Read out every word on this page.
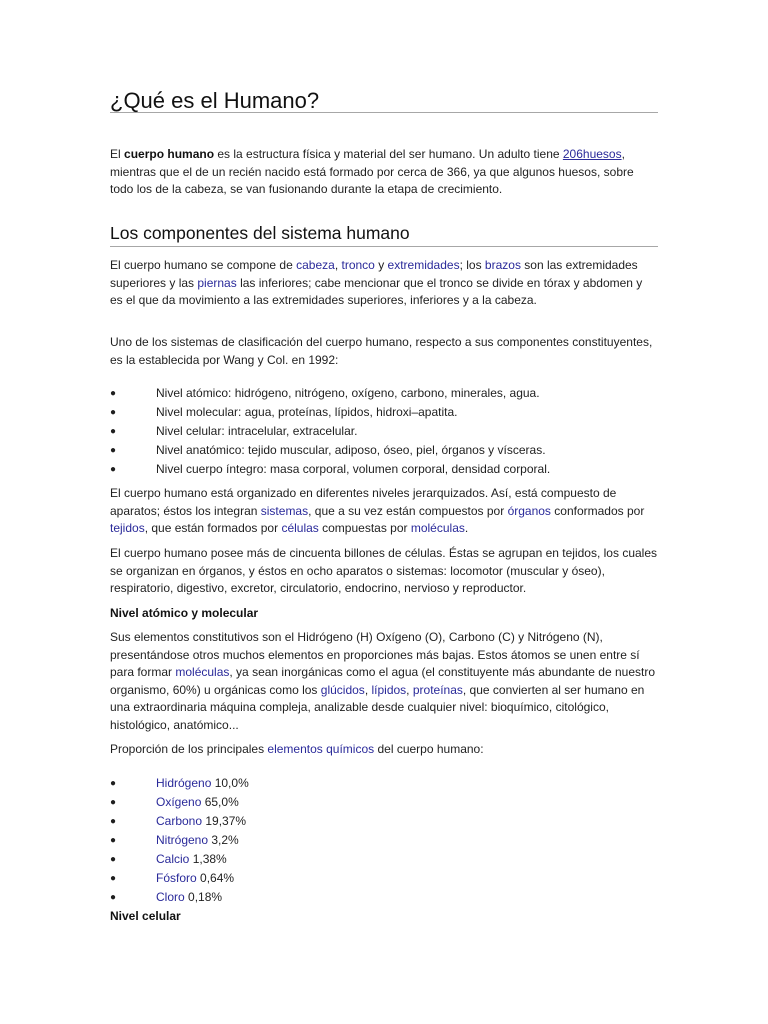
¿Qué es el Humano?

El cuerpo humano es la estructura física y material del ser humano. Un adulto tiene 206huesos, mientras que el de un recién nacido está formado por cerca de 366, ya que algunos huesos, sobre todo los de la cabeza, se van fusionando durante la etapa de crecimiento.

Los componentes del sistema humano

El cuerpo humano se compone de cabeza, tronco y extremidades; los brazos son las extremidades superiores y las piernas las inferiores; cabe mencionar que el tronco se divide en tórax y abdomen y es el que da movimiento a las extremidades superiores, inferiores y a la cabeza.

Uno de los sistemas de clasificación del cuerpo humano, respecto a sus componentes constituyentes, es la establecida por Wang y Col. en 1992:

●	Nivel atómico: hidrógeno, nitrógeno, oxígeno, carbono, minerales, agua.
●	Nivel molecular: agua, proteínas, lípidos, hidroxi–apatita.
●	Nivel celular: intracelular, extracelular.
●	Nivel anatómico: tejido muscular, adiposo, óseo, piel, órganos y vísceras.
●	Nivel cuerpo íntegro: masa corporal, volumen corporal, densidad corporal.

El cuerpo humano está organizado en diferentes niveles jerarquizados. Así, está compuesto de aparatos; éstos los integran sistemas, que a su vez están compuestos por órganos conformados por tejidos, que están formados por células compuestas por moléculas.

El cuerpo humano posee más de cincuenta billones de células. Éstas se agrupan en tejidos, los cuales se organizan en órganos, y éstos en ocho aparatos o sistemas: locomotor (muscular y óseo), respiratorio, digestivo, excretor, circulatorio, endocrino, nervioso y reproductor.

Nivel atómico y molecular

Sus elementos constitutivos son el Hidrógeno (H) Oxígeno (O), Carbono (C) y Nitrógeno (N), presentándose otros muchos elementos en proporciones más bajas. Estos átomos se unen entre sí para formar moléculas, ya sean inorgánicas como el agua (el constituyente más abundante de nuestro organismo, 60%) u orgánicas como los glúcidos, lípidos, proteínas, que convierten al ser humano en una extraordinaria máquina compleja, analizable desde cualquier nivel: bioquímico, citológico, histológico, anatómico...

Proporción de los principales elementos químicos del cuerpo humano:

●	Hidrógeno 10,0%
●	Oxígeno 65,0%
●	Carbono 19,37%
●	Nitrógeno 3,2%
●	Calcio 1,38%
●	Fósforo 0,64%
●	Cloro 0,18%

Nivel celular
